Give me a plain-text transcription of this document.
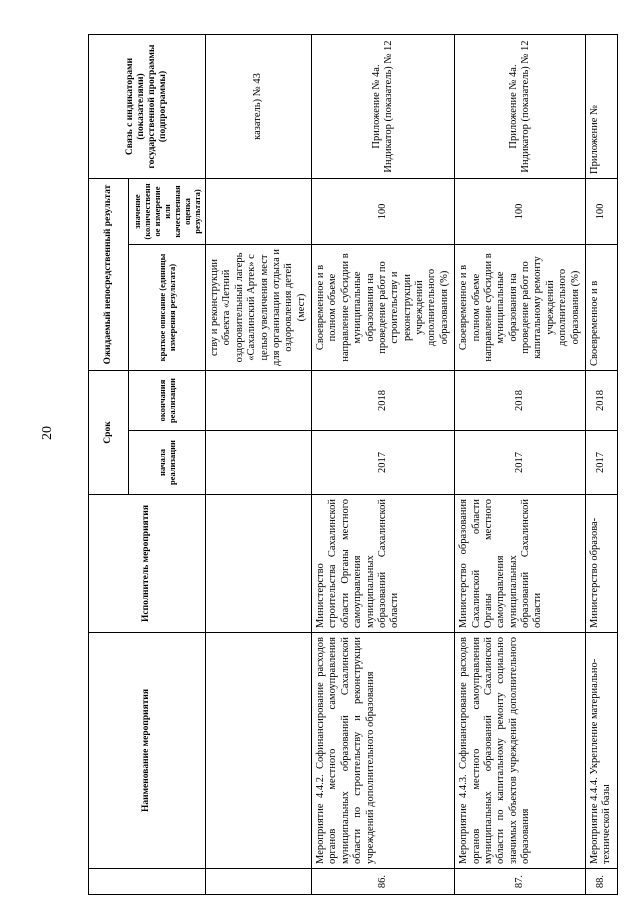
20
	Наименование мероприятия	Исполнитель мероприятия	Срок		Ожидаемый непосредственный результат		Связь с индикаторами (показателями) государственной программы (подпрограммы)
			начала реализации	окончания реализации	краткое описание (единицы измерения результата)	значение (количественное измерение или качественная оценка результата)	
					ству и реконструкции объекта «Летний оздоровительный лагерь «Сахалинский Артек» с целью увеличения мест для организации отдыха и оздоровления детей (мест)		казатель) № 43
86.	Мероприятие 4.4.2. Софинансирование расходов органов местного самоуправления муниципальных образований Сахалинской области по строительству и реконструкции учреждений дополнительного образования	Министерство строительства Сахалинской области Органы местного самоуправления муниципальных образований Сахалинской области	2017	2018	Своевременное и в полном объеме направление субсидии в муниципальные образования на проведение работ по строительству и реконструкции учреждений дополнительного образования (%)	100	Приложение № 4а. Индикатор (показатель) № 12
87.	Мероприятие 4.4.3. Софинансирование расходов органов местного самоуправления муниципальных образований Сахалинской области по капитальному ремонту социально значимых объектов учреждений дополнительного образования	Министерство образования Сахалинской области Органы местного самоуправления муниципальных образований Сахалинской области	2017	2018	Своевременное и в полном объеме направление субсидии в муниципальные образования на проведение работ по капитальному ремонту учреждений дополнительного образования (%)	100	Приложение № 4а. Индикатор (показатель) № 12
88.	Мероприятие 4.4.4. Укрепление материально-технической базы	Министерство образова-	2017	2018	Своевременное и в	100	Приложение №
